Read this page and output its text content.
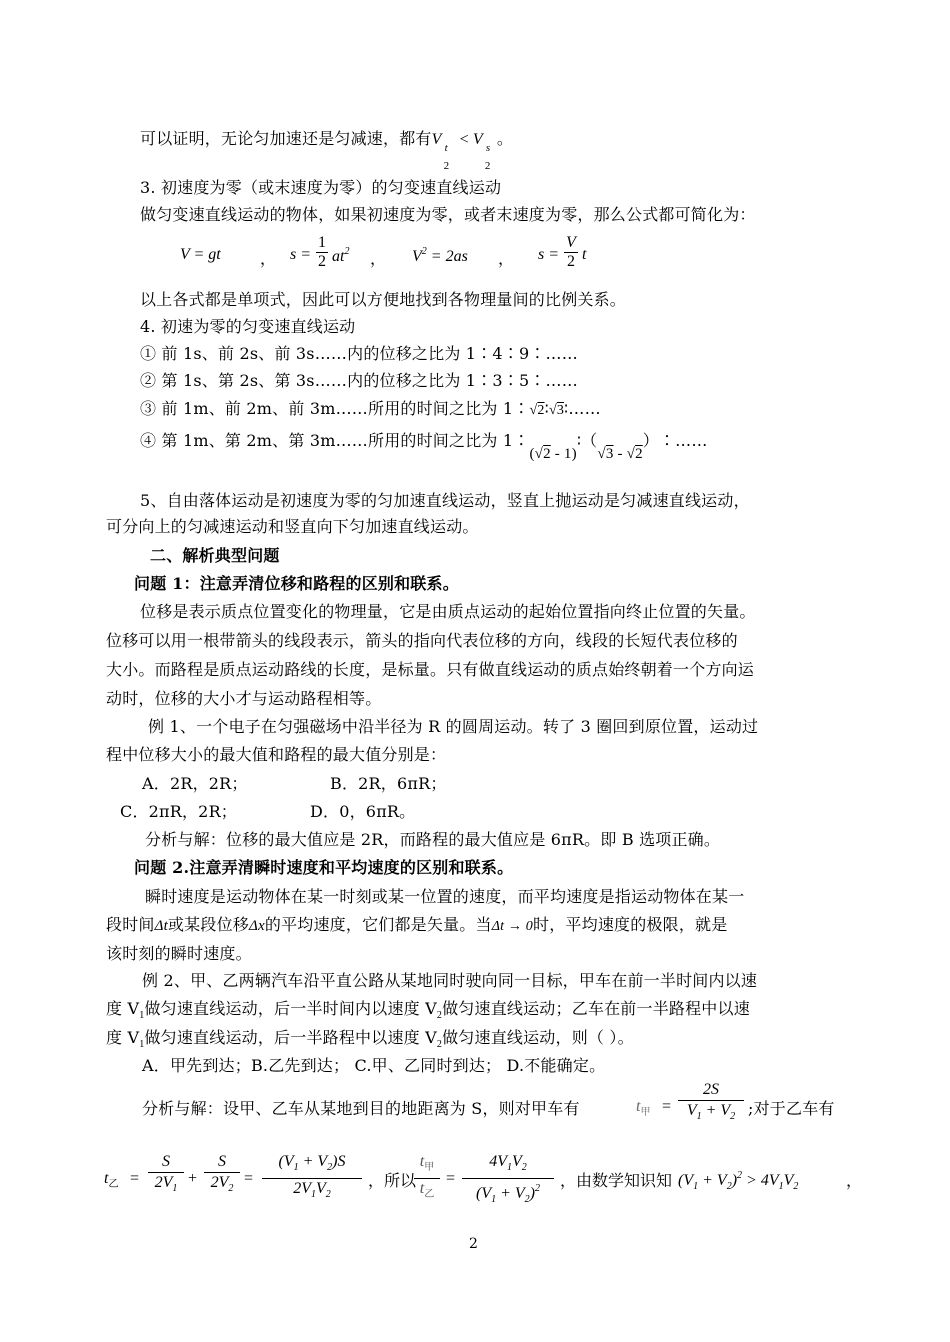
可以证明，无论匀加速还是匀减速，都有V t
2
< V s
2
。
3. 初速度为零（或末速度为零）的匀变速直线运动
做匀变速直线运动的物体，如果初速度为零，或者末速度为零，那么公式都可简化为：
V = gt ， s =
1
2 $at^2$ ， $V^2 = 2as$ ， s =
V
2 t
以上各式都是单项式，因此可以方便地找到各物理量间的比例关系。
4. 初速为零的匀变速直线运动
① 前 1s、前 2s、前 3s……内的位移之比为 1∶4∶9∶……
② 第 1s、第 2s、第 3s……内的位移之比为 1∶3∶5∶……
③ 前 1m、前 2m、前 3m……所用的时间之比为 1∶√2∶√3∶……
④ 第 1m、第 2m、第 3m……所用的时间之比为 1∶(√2 - 1)∶（√3 - √2）∶……
5、自由落体运动是初速度为零的匀加速直线运动，竖直上抛运动是匀减速直线运动，
可分向上的匀减速运动和竖直向下匀加速直线运动。
二、解析典型问题
问题 1：注意弄清位移和路程的区别和联系。
位移是表示质点位置变化的物理量，它是由质点运动的起始位置指向终止位置的矢量。
位移可以用一根带箭头的线段表示，箭头的指向代表位移的方向，线段的长短代表位移的
大小。而路程是质点运动路线的长度，是标量。只有做直线运动的质点始终朝着一个方向运
动时，位移的大小才与运动路程相等。
例 1、一个电子在匀强磁场中沿半径为 R 的圆周运动。转了 3 圈回到原位置，运动过
程中位移大小的最大值和路程的最大值分别是：
A．2R，2R；	B．2R，6πR；
C．2πR，2R；	D．0，6πR。
分析与解：位移的最大值应是 2R，而路程的最大值应是 6πR。即 B 选项正确。
问题 2.注意弄清瞬时速度和平均速度的区别和联系。
瞬时速度是运动物体在某一时刻或某一位置的速度，而平均速度是指运动物体在某一
段时间Δt或某段位移Δx的平均速度，它们都是矢量。当Δt → 0时，平均速度的极限，就是
该时刻的瞬时速度。
例 2、甲、乙两辆汽车沿平直公路从某地同时驶向同一目标，甲车在前一半时间内以速
度 $V_1$做匀速直线运动，后一半时间内以速度 $V_2$做匀速直线运动；乙车在前一半路程中以速
度 $V_1$做匀速直线运动，后一半路程中以速度 $V_2$做匀速直线运动，则（ ）。
A．甲先到达；B.乙先到达； C.甲、乙同时到达； D.不能确定。
分析与解：设甲、乙车从某地到目的地距离为 S，则对甲车有	$t_甲$ =
2S
$V_1 + V_2$ ;对于乙车有
$t_乙$ =
S
$2V_1$
+
S
$2V_2$
=
$(V_1 + V_2)S$
$2V_1V_2$
，所以
$t_甲$
$t_乙$
=
$4V_1V_2$
$(V_1 + V_2)^2$	，由数学知识知 $(V_1 + V_2)^2 > 4V_1V_2$	，
2
